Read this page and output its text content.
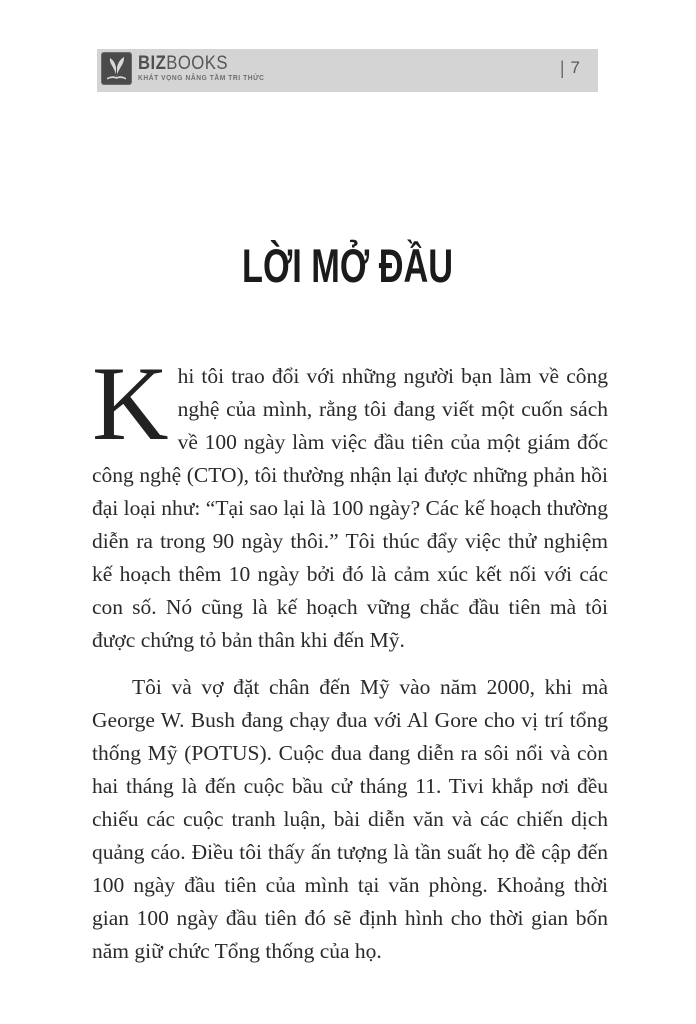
BIZBOOKS
KHÁT VỌNG NÂNG TẦM TRI THỨC
| 7
LỜI MỞ ĐẦU

Khi tôi trao đổi với những người bạn làm về công nghệ của mình, rằng tôi đang viết một cuốn sách về 100 ngày làm việc đầu tiên của một giám đốc công nghệ (CTO), tôi thường nhận lại được những phản hồi đại loại như: “Tại sao lại là 100 ngày? Các kế hoạch thường diễn ra trong 90 ngày thôi.” Tôi thúc đẩy việc thử nghiệm kế hoạch thêm 10 ngày bởi đó là cảm xúc kết nối với các con số. Nó cũng là kế hoạch vững chắc đầu tiên mà tôi được chứng tỏ bản thân khi đến Mỹ.

Tôi và vợ đặt chân đến Mỹ vào năm 2000, khi mà George W. Bush đang chạy đua với Al Gore cho vị trí tổng thống Mỹ (POTUS). Cuộc đua đang diễn ra sôi nổi và còn hai tháng là đến cuộc bầu cử tháng 11. Tivi khắp nơi đều chiếu các cuộc tranh luận, bài diễn văn và các chiến dịch quảng cáo. Điều tôi thấy ấn tượng là tần suất họ đề cập đến 100 ngày đầu tiên của mình tại văn phòng. Khoảng thời gian 100 ngày đầu tiên đó sẽ định hình cho thời gian bốn năm giữ chức Tổng thống của họ.
